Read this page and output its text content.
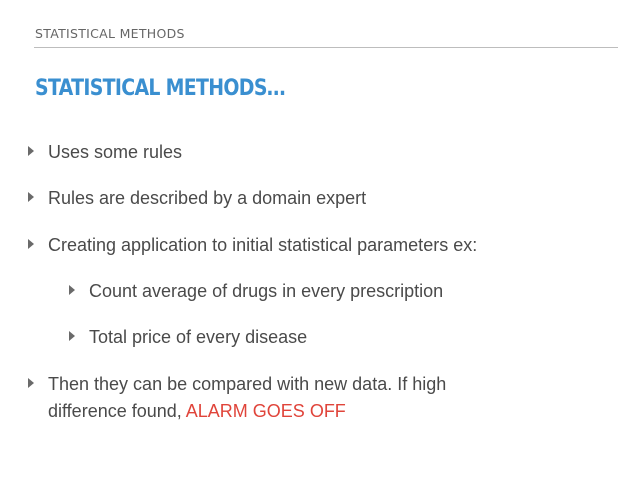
STATISTICAL METHODS
STATISTICAL METHODS…
Uses some rules
Rules are described by a domain expert
Creating application to initial statistical parameters ex:
Count average of drugs in every prescription
Total price of every disease
Then they can be compared with new data. If high
difference found, ALARM GOES OFF
